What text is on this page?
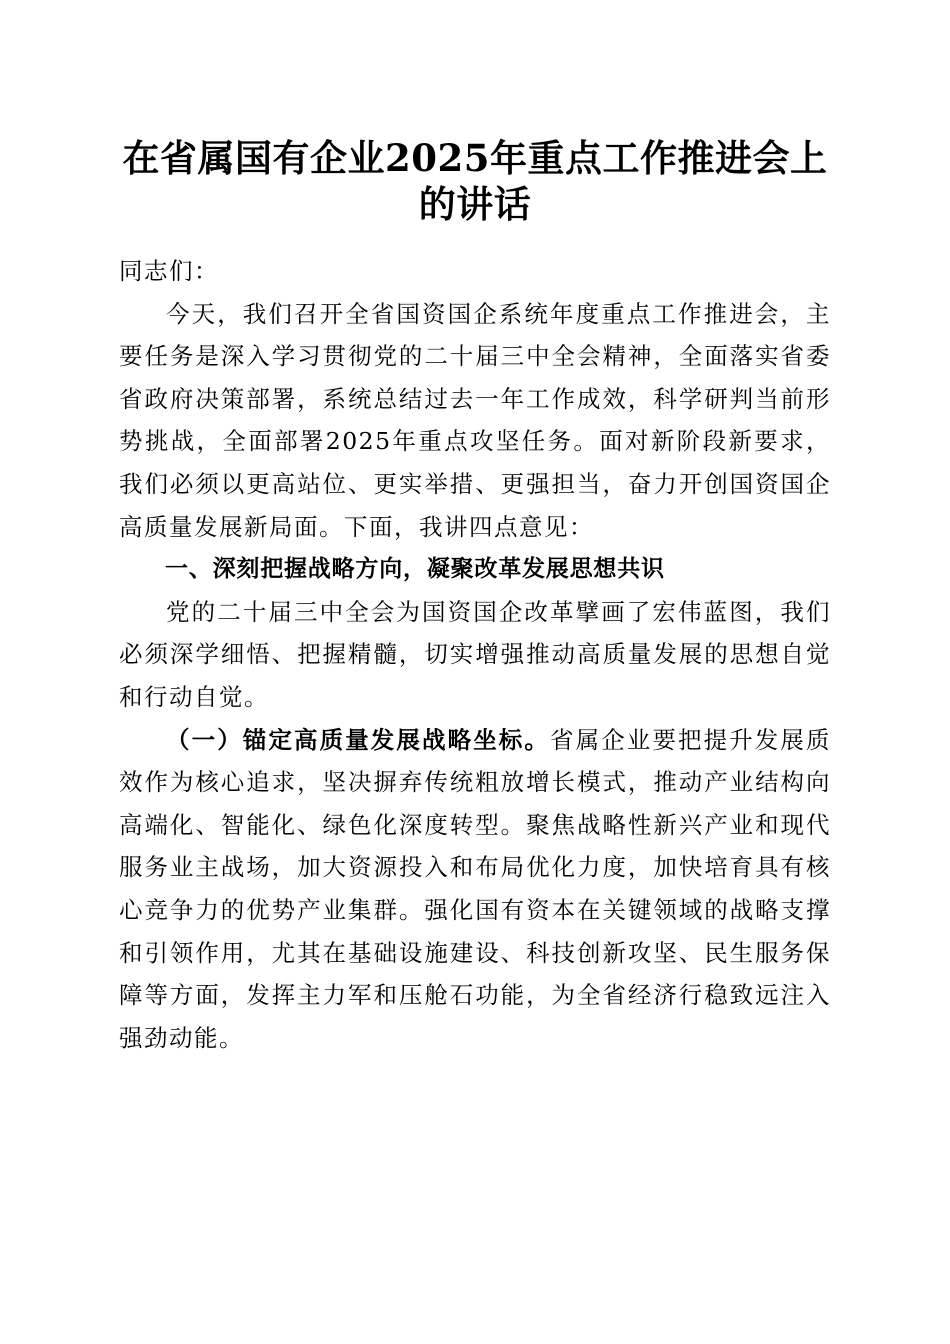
在省属国有企业2025年重点工作推进会上的讲话

同志们：

今天，我们召开全省国资国企系统年度重点工作推进会，主要任务是深入学习贯彻党的二十届三中全会精神，全面落实省委省政府决策部署，系统总结过去一年工作成效，科学研判当前形势挑战，全面部署2025年重点攻坚任务。面对新阶段新要求，我们必须以更高站位、更实举措、更强担当，奋力开创国资国企高质量发展新局面。下面，我讲四点意见：

一、深刻把握战略方向，凝聚改革发展思想共识

党的二十届三中全会为国资国企改革擘画了宏伟蓝图，我们必须深学细悟、把握精髓，切实增强推动高质量发展的思想自觉和行动自觉。

（一）锚定高质量发展战略坐标。省属企业要把提升发展质效作为核心追求，坚决摒弃传统粗放增长模式，推动产业结构向高端化、智能化、绿色化深度转型。聚焦战略性新兴产业和现代服务业主战场，加大资源投入和布局优化力度，加快培育具有核心竞争力的优势产业集群。强化国有资本在关键领域的战略支撑和引领作用，尤其在基础设施建设、科技创新攻坚、民生服务保障等方面，发挥主力军和压舱石功能，为全省经济行稳致远注入强劲动能。
